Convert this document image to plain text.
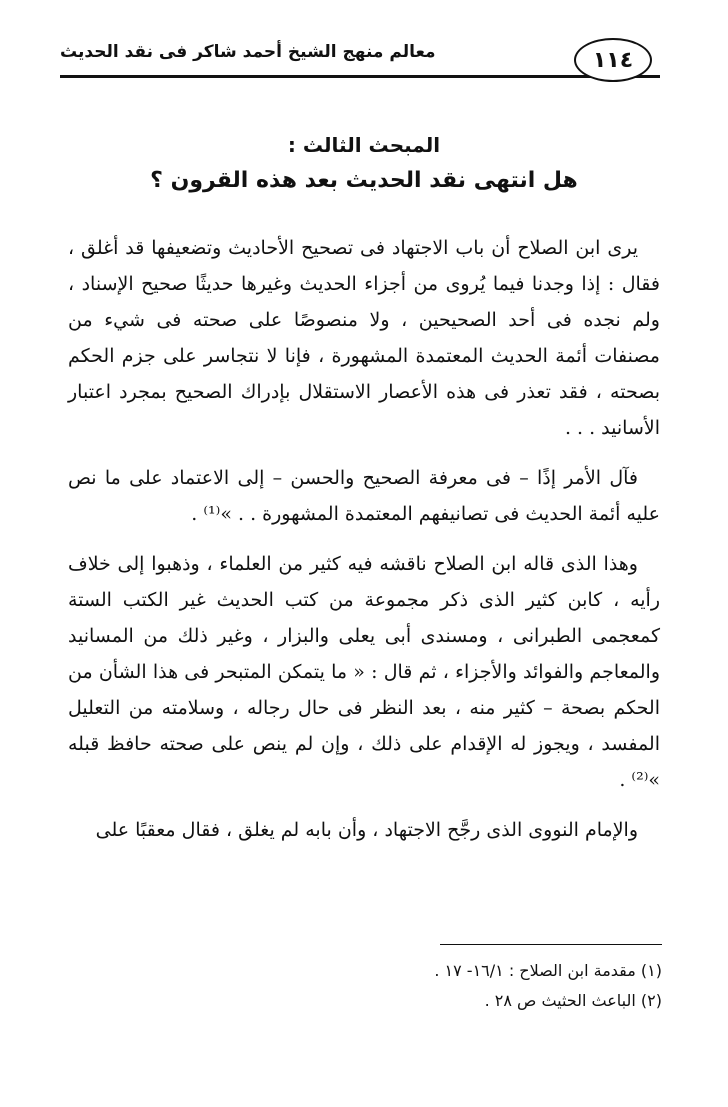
١١٤
معالم منهج الشيخ أحمد شاكر فى نقد الحديث
المبحث الثالث :
هل انتهى نقد الحديث بعد هذه القرون ؟

يرى ابن الصلاح أن باب الاجتهاد فى تصحيح الأحاديث وتضعيفها قد أغلق ، فقال : إذا وجدنا فيما يُروى من أجزاء الحديث وغيرها حديثًا صحيح الإسناد ، ولم نجده فى أحد الصحيحين ، ولا منصوصًا على صحته فى شيء من مصنفات أئمة الحديث المعتمدة المشهورة ، فإنا لا نتجاسر على جزم الحكم بصحته ، فقد تعذر فى هذه الأعصار الاستقلال بإدراك الصحيح بمجرد اعتبار الأسانيد . . .

فآل الأمر إذًا – فى معرفة الصحيح والحسن – إلى الاعتماد على ما نص عليه أئمة الحديث فى تصانيفهم المعتمدة المشهورة . . »⁽¹⁾ .

وهذا الذى قاله ابن الصلاح ناقشه فيه كثير من العلماء ، وذهبوا إلى خلاف رأيه ، كابن كثير الذى ذكر مجموعة من كتب الحديث غير الكتب الستة كمعجمى الطبرانى ، ومسندى أبى يعلى والبزار ، وغير ذلك من المسانيد والمعاجم والفوائد والأجزاء ، ثم قال : « ما يتمكن المتبحر فى هذا الشأن من الحكم بصحة – كثير منه ، بعد النظر فى حال رجاله ، وسلامته من التعليل المفسد ، ويجوز له الإقدام على ذلك ، وإن لم ينص على صحته حافظ قبله »⁽²⁾ .

والإمام النووى الذى رجَّح الاجتهاد ، وأن بابه لم يغلق ، فقال معقبًا على

(١) مقدمة ابن الصلاح : ١٦/١- ١٧ .
(٢) الباعث الحثيث ص ٢٨ .
